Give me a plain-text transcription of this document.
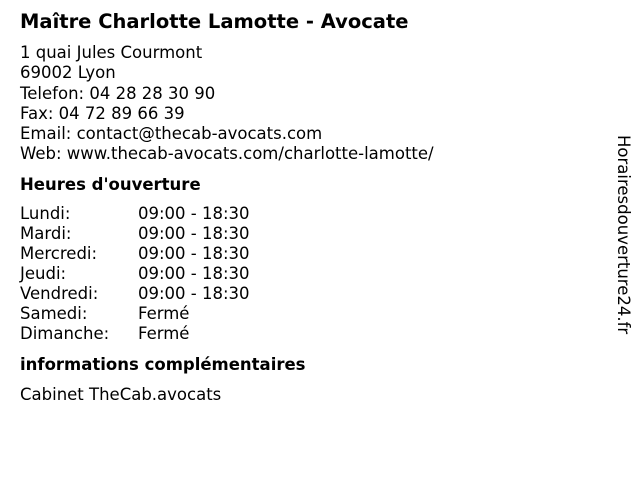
Maître Charlotte Lamotte - Avocate
1 quai Jules Courmont
69002 Lyon
Telefon: 04 28 28 30 90
Fax: 04 72 89 66 39
Email: contact@thecab-avocats.com
Web: www.thecab-avocats.com/charlotte-lamotte/
Heures d'ouverture
Lundi:	09:00 - 18:30
Mardi:	09:00 - 18:30
Mercredi:	09:00 - 18:30
Jeudi:	09:00 - 18:30
Vendredi:	09:00 - 18:30
Samedi:	Fermé
Dimanche:	Fermé
informations complémentaires
Cabinet TheCab.avocats
Horairesdouverture24.fr
